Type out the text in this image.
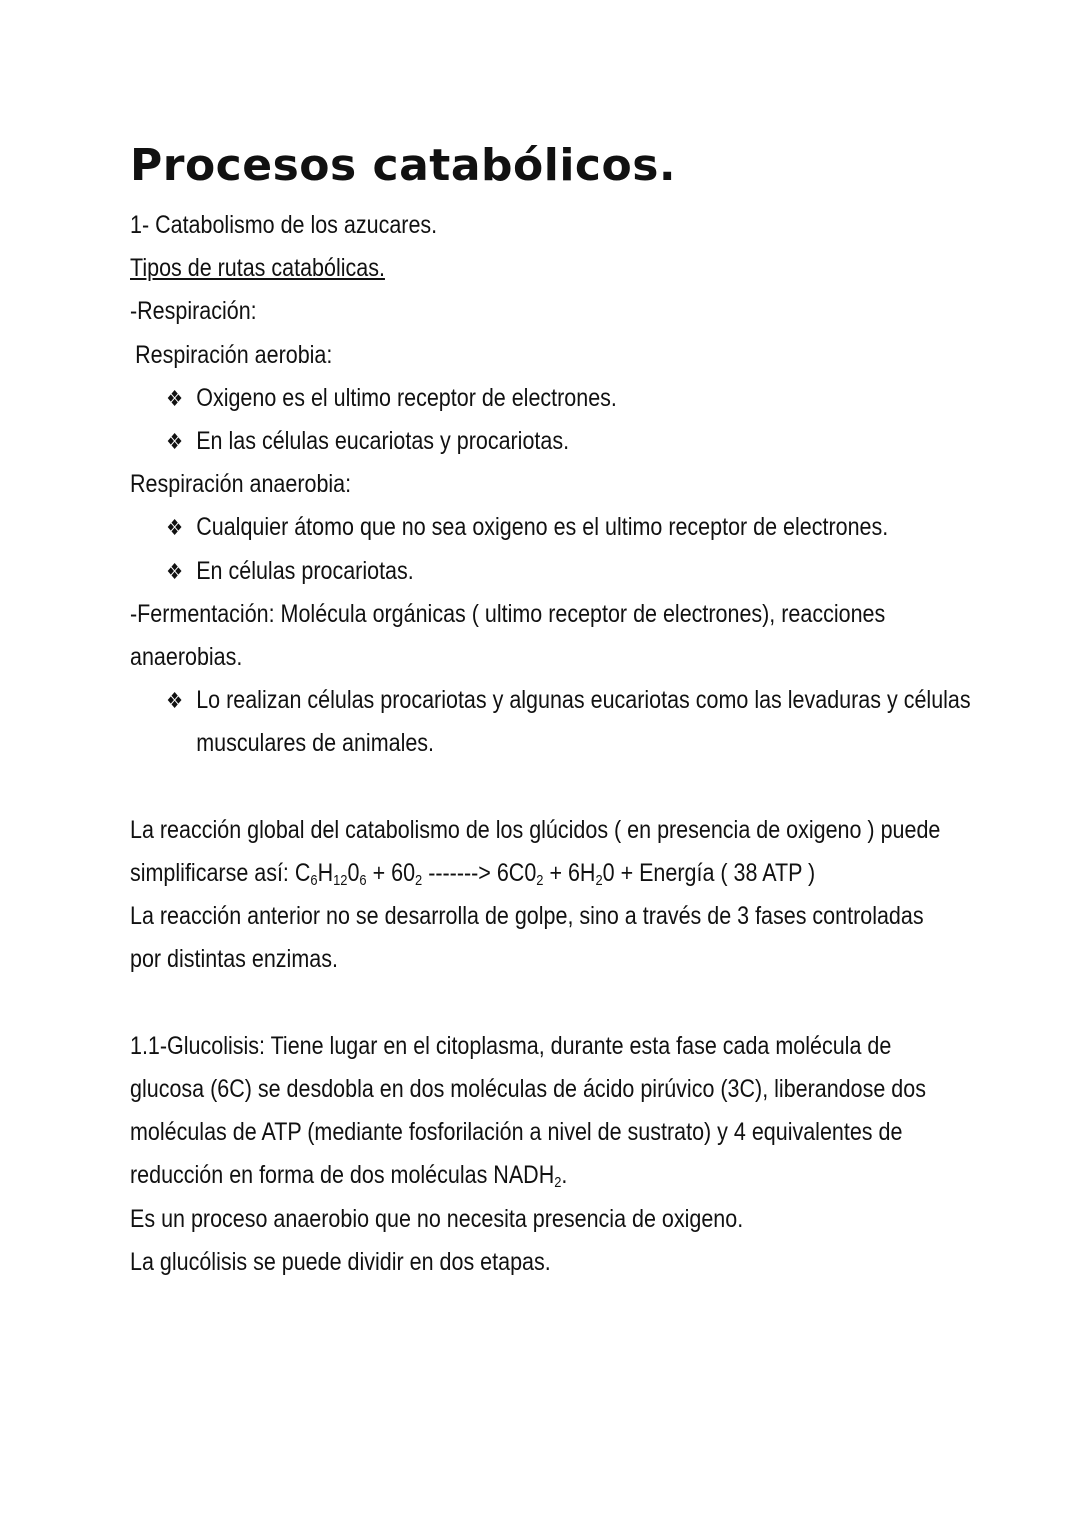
Procesos catabólicos.

1- Catabolismo de los azucares.

Tipos de rutas catabólicas.

-Respiración:

Respiración aerobia:

❖ Oxigeno es el ultimo receptor de electrones.

❖ En las células eucariotas y procariotas.

Respiración anaerobia:

❖ Cualquier átomo que no sea oxigeno es el ultimo receptor de electrones.

❖ En células procariotas.

-Fermentación: Molécula orgánicas ( ultimo receptor de electrones), reacciones anaerobias.

❖ Lo realizan células procariotas y algunas eucariotas como las levaduras y células musculares de animales.

La reacción global del catabolismo de los glúcidos ( en presencia de oxigeno ) puede simplificarse así: $C_6H_{12}0_6 + 60_2$ -------> $6C0_2 + 6H_20$ + Energía ( 38 ATP )

La reacción anterior no se desarrolla de golpe, sino a través de 3 fases controladas por distintas enzimas.

1.1-Glucolisis: Tiene lugar en el citoplasma, durante esta fase cada molécula de glucosa (6C) se desdobla en dos moléculas de ácido pirúvico (3C), liberandose dos moléculas de ATP (mediante fosforilación a nivel de sustrato) y 4 equivalentes de reducción en forma de dos moléculas $NADH_2$.

Es un proceso anaerobio que no necesita presencia de oxigeno.

La glucólisis se puede dividir en dos etapas.
